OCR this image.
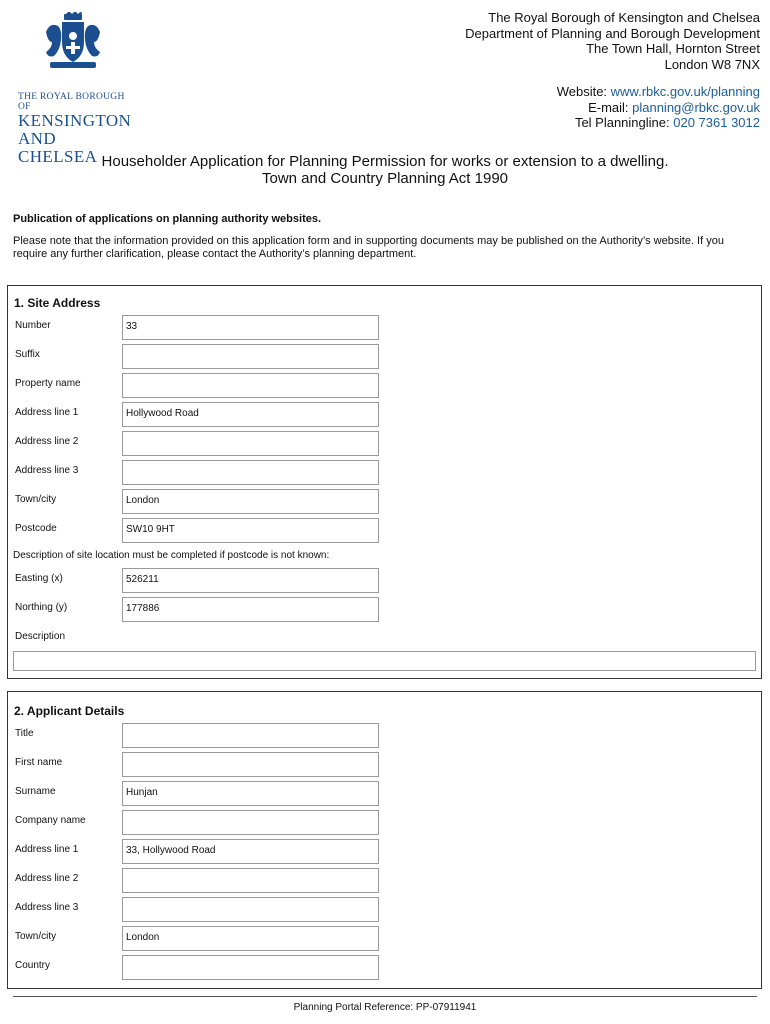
THE ROYAL BOROUGH OF
KENSINGTON
AND CHELSEA
The Royal Borough of Kensington and Chelsea
Department of Planning and Borough Development
The Town Hall, Hornton Street
London W8 7NX
Website: www.rbkc.gov.uk/planning
E-mail: planning@rbkc.gov.uk
Tel Planningline: 020 7361 3012
Householder Application for Planning Permission for works or extension to a dwelling.
Town and Country Planning Act 1990
Publication of applications on planning authority websites.
Please note that the information provided on this application form and in supporting documents may be published on the Authority’s website. If you require any further clarification, please contact the Authority’s planning department.
1. Site Address
Number	33
Suffix
Property name
Address line 1	Hollywood Road
Address line 2
Address line 3
Town/city	London
Postcode	SW10 9HT
Description of site location must be completed if postcode is not known:
Easting (x)	526211
Northing (y)	177886
Description
2. Applicant Details
Title
First name
Surname	Hunjan
Company name
Address line 1	33, Hollywood Road
Address line 2
Address line 3
Town/city	London
Country
Planning Portal Reference: PP-07911941
